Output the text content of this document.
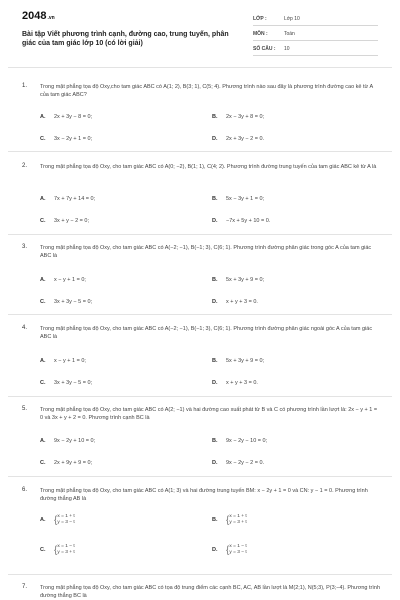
2048.vn
Bài tập Viết phương trình cạnh, đường cao, trung tuyến, phân giác của tam giác lớp 10 (có lời giải)
LỚP :	Lớp 10
MÔN :	Toán
SỐ CÂU : 10
1. Trong mặt phẳng tọa độ Oxy,cho tam giác ABC có A(1; 2), B(3; 1), C(5; 4). Phương trình nào sau đây là phương trình đường cao kẻ từ A của tam giác ABC?
A. 2x + 3y − 8 = 0;	B. 2x − 3y + 8 = 0;
C. 3x − 2y + 1 = 0;	D. 2x + 3y − 2 = 0.
2. Trong mặt phẳng tọa độ Oxy, cho tam giác ABC có A(0; −2), B(1; 1), C(4; 2). Phương trình đường trung tuyến của tam giác ABC kẻ từ A là
A. 7x + 7y + 14 = 0;	B. 5x − 3y + 1 = 0;
C. 3x + y − 2 = 0;	D. −7x + 5y + 10 = 0.
3. Trong mặt phẳng tọa độ Oxy, cho tam giác ABC có A(−2; −1), B(−1; 3), C(6; 1). Phương trình đường phân giác trong góc A của tam giác ABC là
A. x − y + 1 = 0;	B. 5x + 3y + 9 = 0;
C. 3x + 3y − 5 = 0;	D. x + y + 3 = 0.
4. Trong mặt phẳng tọa độ Oxy, cho tam giác ABC có A(−2; −1), B(−1; 3), C(6; 1). Phương trình đường phân giác ngoài góc A của tam giác ABC là
A. x − y + 1 = 0;	B. 5x + 3y + 9 = 0;
C. 3x + 3y − 5 = 0;	D. x + y + 3 = 0.
5. Trong mặt phẳng tọa độ Oxy, cho tam giác ABC có A(2; −1) và hai đường cao xuất phát từ B và C có phương trình lần lượt là: 2x − y + 1 = 0 và 3x + y + 2 = 0. Phương trình cạnh BC là
A. 9x − 2y + 10 = 0;	B. 9x − 2y − 10 = 0;
C. 2x + 9y + 9 = 0;	D. 9x − 2y − 2 = 0.
6. Trong mặt phẳng tọa độ Oxy, cho tam giác ABC có A(1; 3) và hai đường trung tuyến BM: x − 2y + 1 = 0 và CN: y − 1 = 0. Phương trình đường thẳng AB là
A. {x = 1 + t
y = 3 − t	B. {x = 1 + t
y = 3 + t
C. {x = 1 − t
y = 3 + t	D. {x = 1 − t
y = 3 − t
7. Trong mặt phẳng tọa độ Oxy, cho tam giác ABC có tọa độ trung điểm các cạnh BC, AC, AB lần lượt là M(2;1), N(5;3), P(3;−4). Phương trình đường thẳng BC là
